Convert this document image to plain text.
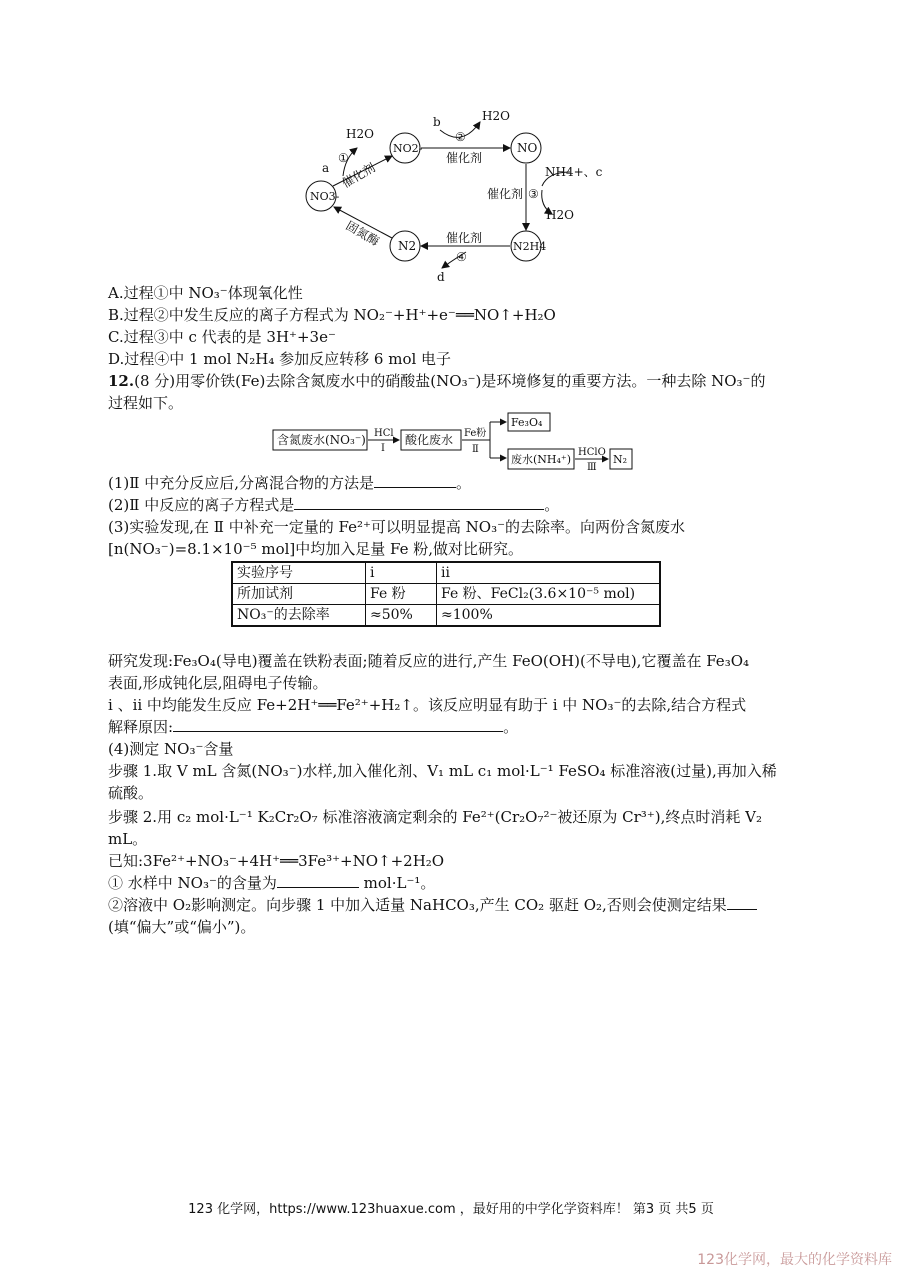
NO3-
NO2-	NO
N2H4
N2
a
①
H2O
催化剂
b
②
H2O
催化剂
NH4+、c
催化剂 ③
H2O
催化剂
④
d
固氮酶
A.过程①中 NO₃⁻体现氧化性
B.过程②中发生反应的离子方程式为 NO₂⁻+H⁺+e⁻══NO↑+H₂O
C.过程③中 c 代表的是 3H⁺+3e⁻
D.过程④中 1 mol N₂H₄ 参加反应转移 6 mol 电子
12.(8 分)用零价铁(Fe)去除含氮废水中的硝酸盐(NO₃⁻)是环境修复的重要方法。一种去除 NO₃⁻的
过程如下。
含氮废水(NO₃⁻) HCl
Ⅰ
酸化废水 Fe粉
Ⅱ
Fe₃O₄
废水(NH₄⁺)
HClO
Ⅲ
N₂
(1)Ⅱ 中充分反应后,分离混合物的方法是	。
(2)Ⅱ 中反应的离子方程式是	。
(3)实验发现,在 Ⅱ 中补充一定量的 Fe²⁺可以明显提高 NO₃⁻的去除率。向两份含氮废水
[n(NO₃⁻)=8.1×10⁻⁵ mol]中均加入足量 Fe 粉,做对比研究。
实验序号	ⅰ	ⅱ
所加试剂	Fe 粉	Fe 粉、FeCl₂(3.6×10⁻⁵ mol)
NO₃⁻的去除率	≈50%	≈100%
研究发现:Fe₃O₄(导电)覆盖在铁粉表面;随着反应的进行,产生 FeO(OH)(不导电),它覆盖在 Fe₃O₄
表面,形成钝化层,阻碍电子传输。
ⅰ 、ⅱ 中均能发生反应 Fe+2H⁺══Fe²⁺+H₂↑。该反应明显有助于 ⅰ 中 NO₃⁻的去除,结合方程式
解释原因:	。
(4)测定 NO₃⁻含量
步骤 1.取 V mL 含氮(NO₃⁻)水样,加入催化剂、V₁ mL c₁ mol·L⁻¹ FeSO₄ 标准溶液(过量),再加入稀
硫酸。
步骤 2.用 c₂ mol·L⁻¹ K₂Cr₂O₇ 标准溶液滴定剩余的 Fe²⁺(Cr₂O₇²⁻被还原为 Cr³⁺),终点时消耗 V₂
mL。
已知:3Fe²⁺+NO₃⁻+4H⁺══3Fe³⁺+NO↑+2H₂O
① 水样中 NO₃⁻的含量为	mol·L⁻¹。
②溶液中 O₂影响测定。向步骤 1 中加入适量 NaHCO₃,产生 CO₂ 驱赶 O₂,否则会使测定结果
(填“偏大”或“偏小”)。
123 化学网，https://www.123huaxue.com ，最好用的中学化学资料库！ 第3 页 共5 页
123化学网，最大的化学资料库
